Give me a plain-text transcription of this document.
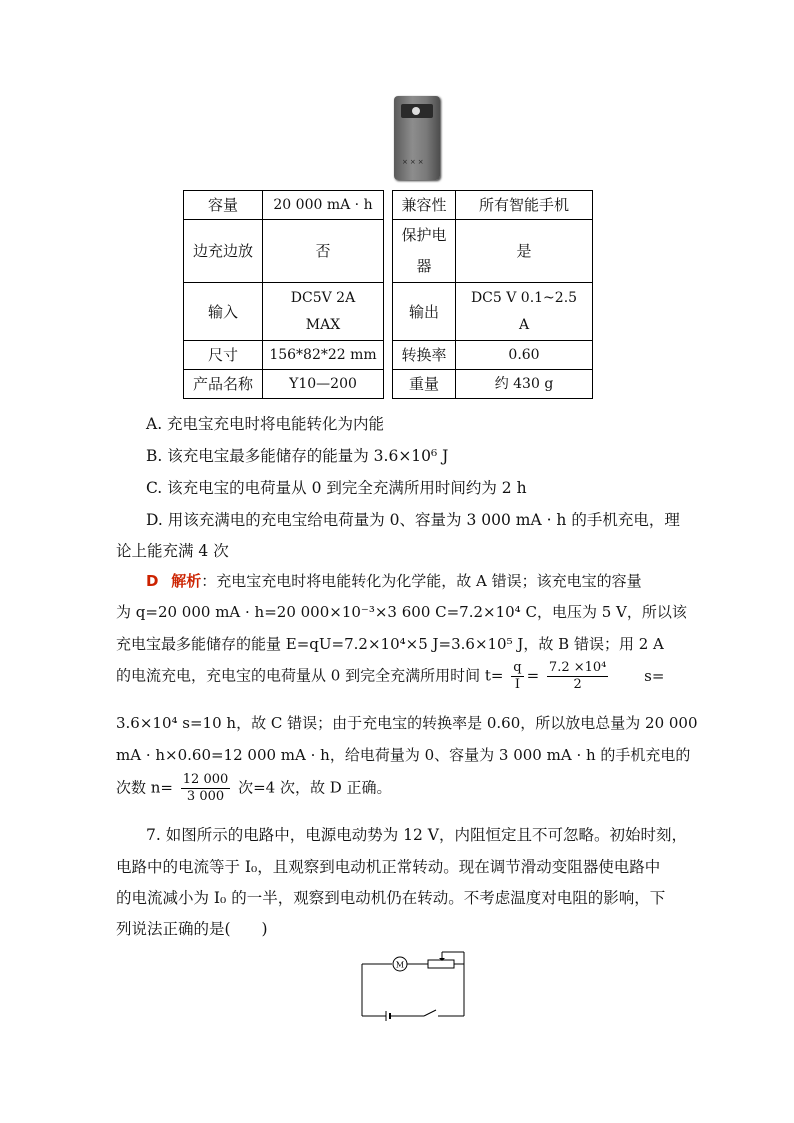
×××
容量	20 000 mA · h		兼容性	所有智能手机
边充边放	否		保护电器	是
输入	DC5V 2A MAX		输出	DC5 V 0.1~2.5 A
尺寸	156*82*22 mm		转换率	0.60
产品名称	Y10—200		重量	约 430 g
A. 充电宝充电时将电能转化为内能
B. 该充电宝最多能储存的能量为 3.6×10⁶ J
C. 该充电宝的电荷量从 0 到完全充满所用时间约为 2 h
D. 用该充满电的充电宝给电荷量为 0、容量为 3 000 mA · h 的手机充电，理
论上能充满 4 次
D 解析：充电宝充电时将电能转化为化学能，故 A 错误；该充电宝的容量
为 q=20 000 mA · h=20 000×10⁻³×3 600 C=7.2×10⁴ C，电压为 5 V，所以该
充电宝最多能储存的能量 E=qU=7.2×10⁴×5 J=3.6×10⁵ J，故 B 错误；用 2 A
的电流充电，充电宝的电荷量从 0 到完全充满所用时间 $t= \frac{q}{I} = \frac{\text{7.2 ×10⁴}}{2} s=$
3.6×10⁴ s=10 h，故 C 错误；由于充电宝的转换率是 0.60，所以放电总量为 20 000
mA · h×0.60=12 000 mA · h，给电荷量为 0、容量为 3 000 mA · h 的手机充电的
次数 $n= \frac{12 000}{3 000}$ 次=4 次，故 D 正确。
7. 如图所示的电路中，电源电动势为 12 V，内阻恒定且不可忽略。初始时刻，
电路中的电流等于 I₀，且观察到电动机正常转动。现在调节滑动变阻器使电路中
的电流减小为 I₀ 的一半，观察到电动机仍在转动。不考虑温度对电阻的影响，下
列说法正确的是(　　)
M
